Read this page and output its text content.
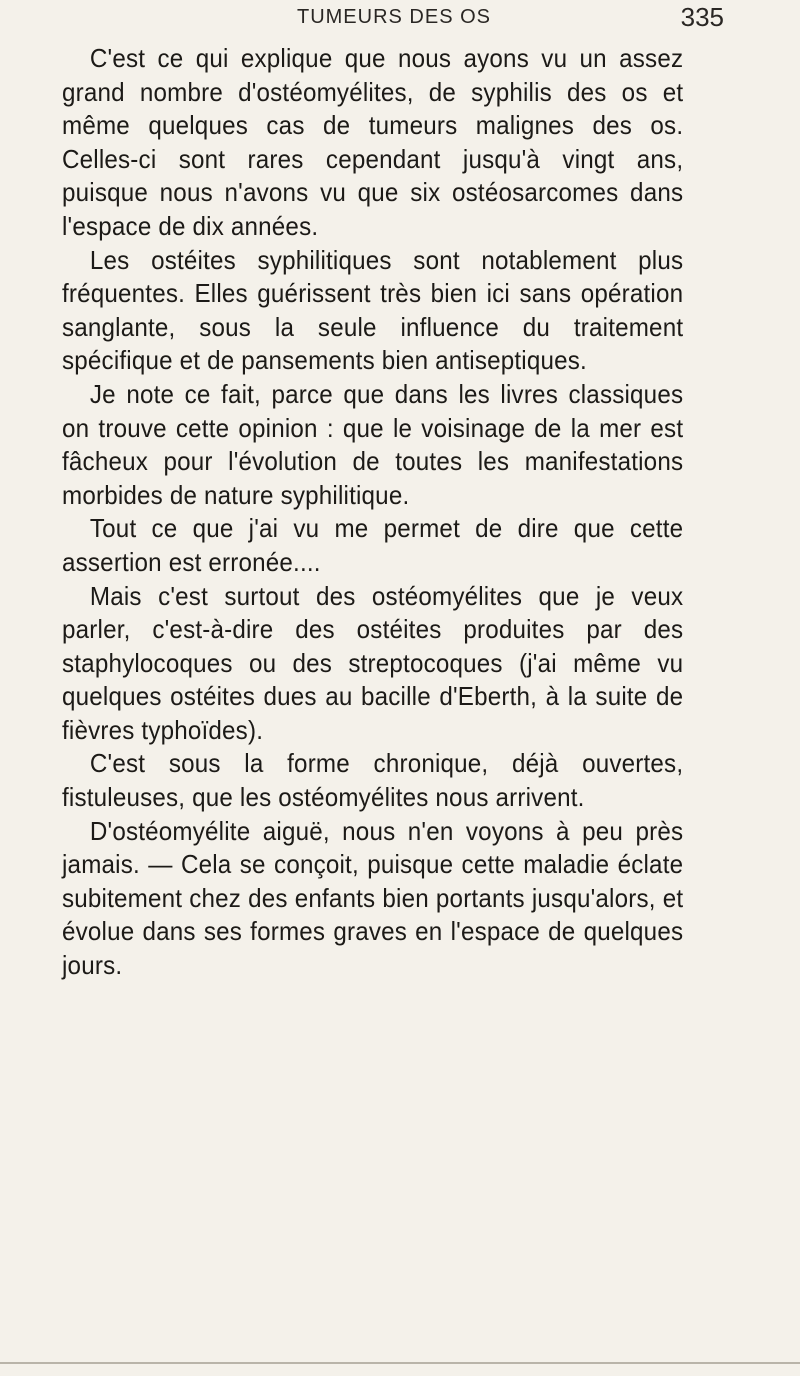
TUMEURS DES OS	335

C'est ce qui explique que nous ayons vu un assez grand nombre d'ostéomyélites, de syphilis des os et même quelques cas de tumeurs malignes des os. Celles-ci sont rares cependant jusqu'à vingt ans, puisque nous n'avons vu que six ostéosarcomes dans l'espace de dix années.

Les ostéites syphilitiques sont notablement plus fréquentes. Elles guérissent très bien ici sans opération sanglante, sous la seule influence du traitement spécifique et de pansements bien antiseptiques.

Je note ce fait, parce que dans les livres classiques on trouve cette opinion : que le voisinage de la mer est fâcheux pour l'évolution de toutes les manifestations morbides de nature syphilitique.

Tout ce que j'ai vu me permet de dire que cette assertion est erronée....

Mais c'est surtout des ostéomyélites que je veux parler, c'est-à-dire des ostéites produites par des staphylocoques ou des streptocoques (j'ai même vu quelques ostéites dues au bacille d'Eberth, à la suite de fièvres typhoïdes).

C'est sous la forme chronique, déjà ouvertes, fistuleuses, que les ostéomyélites nous arrivent.

D'ostéomyélite aiguë, nous n'en voyons à peu près jamais. — Cela se conçoit, puisque cette maladie éclate subitement chez des enfants bien portants jusqu'alors, et évolue dans ses formes graves en l'espace de quelques jours.
